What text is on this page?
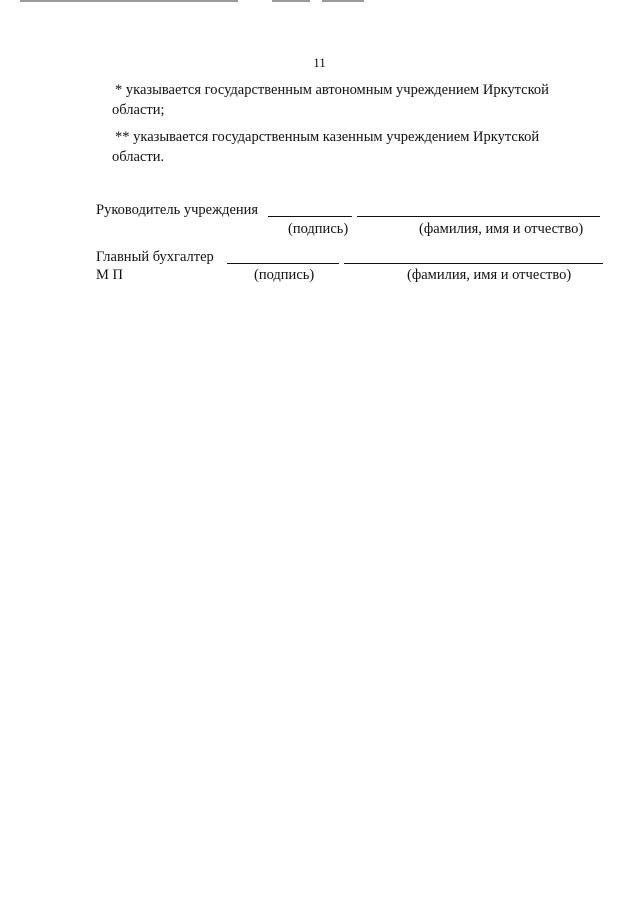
11

* указывается государственным автономным учреждением Иркутской
области;

** указывается государственным казенным учреждением Иркутской
области.

Руководитель учреждения
(подпись)	(фамилия, имя и отчество)
Главный бухгалтер
М П	(подпись)	(фамилия, имя и отчество)
